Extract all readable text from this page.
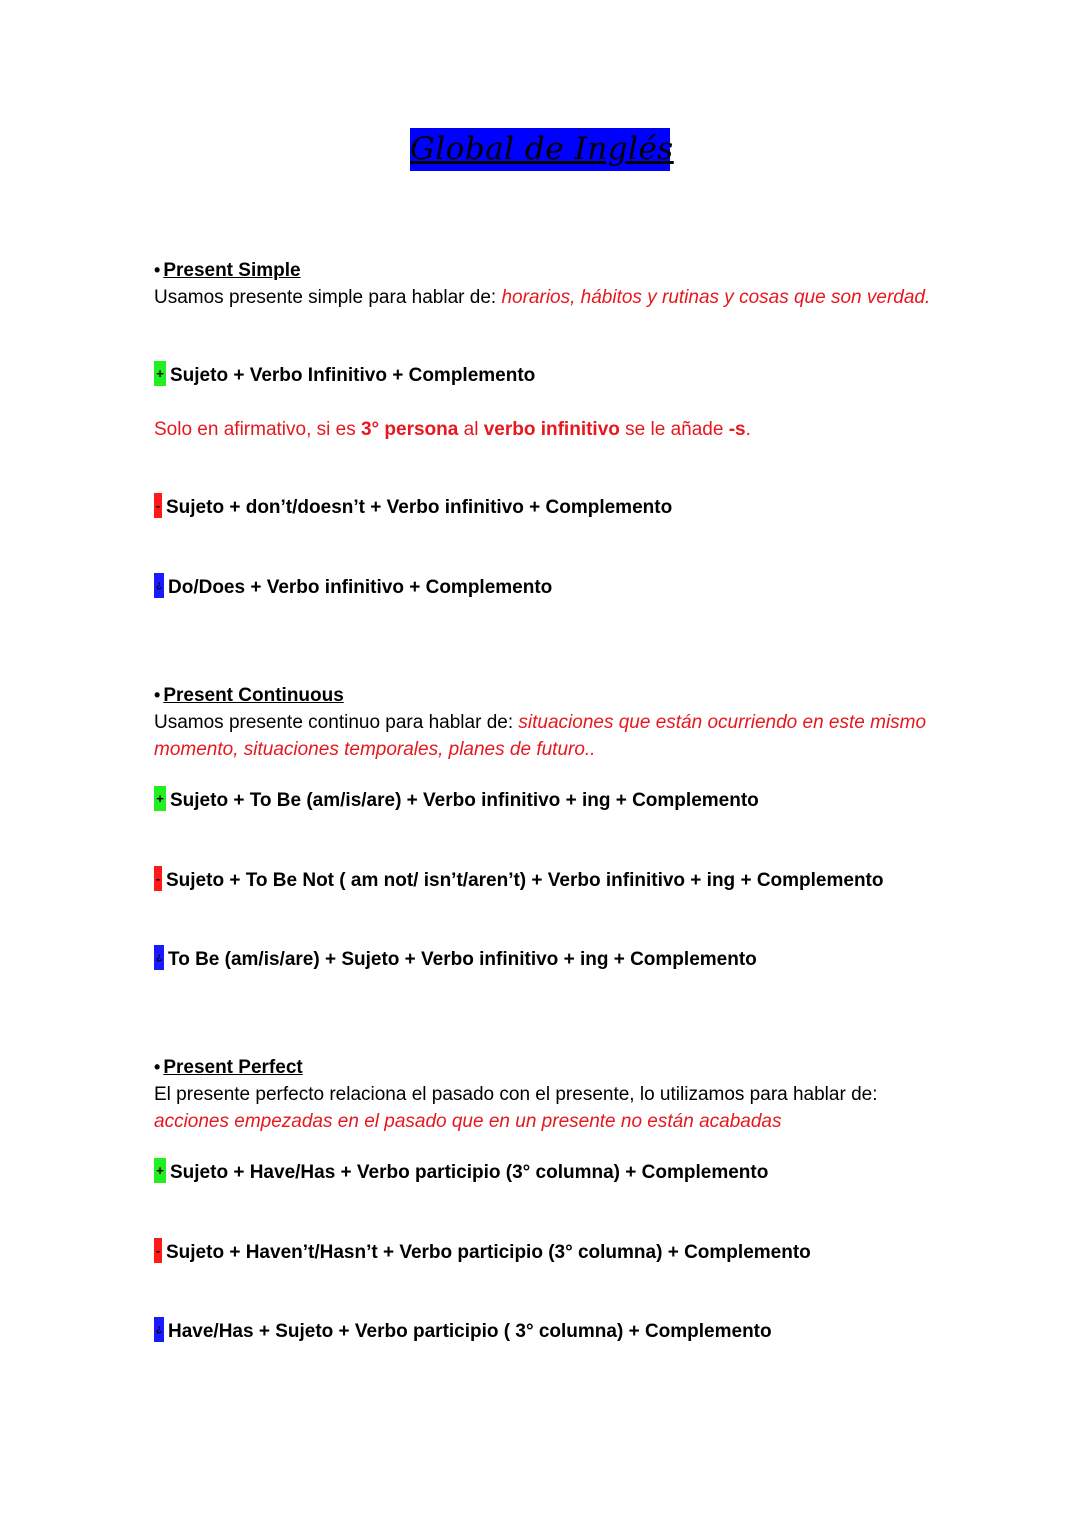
Global de Inglés
• Present Simple
Usamos presente simple para hablar de: horarios, hábitos y rutinas y cosas que son verdad.
+ Sujeto + Verbo Infinitivo + Complemento
Solo en afirmativo, si es 3° persona al verbo infinitivo se le añade -s.
- Sujeto + don’t/doesn’t + Verbo infinitivo + Complemento
¿ Do/Does + Verbo infinitivo + Complemento
• Present Continuous
Usamos presente continuo para hablar de: situaciones que están ocurriendo en este mismo momento, situaciones temporales, planes de futuro..
+ Sujeto + To Be (am/is/are) + Verbo infinitivo + ing + Complemento
- Sujeto + To Be Not ( am not/ isn’t/aren’t) + Verbo infinitivo + ing + Complemento
¿ To Be (am/is/are) + Sujeto + Verbo infinitivo + ing + Complemento
• Present Perfect
El presente perfecto relaciona el pasado con el presente, lo utilizamos para hablar de: acciones empezadas en el pasado que en un presente no están acabadas
+ Sujeto + Have/Has + Verbo participio (3° columna) + Complemento
- Sujeto + Haven’t/Hasn’t + Verbo participio (3° columna) + Complemento
¿ Have/Has + Sujeto + Verbo participio ( 3° columna) + Complemento
